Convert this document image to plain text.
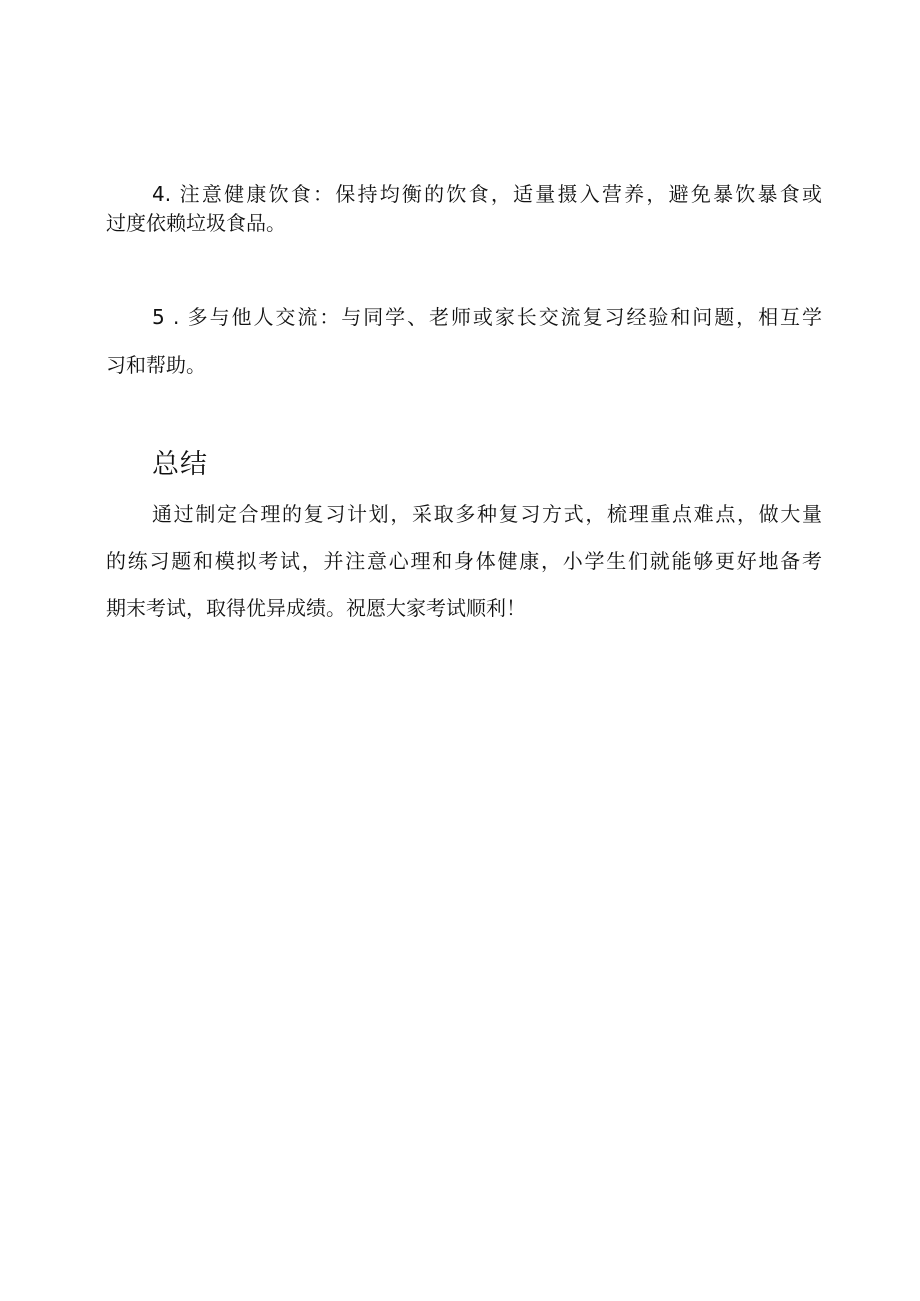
4. 注意健康饮食：保持均衡的饮食，适量摄入营养，避免暴饮暴食或
过度依赖垃圾食品。
5 . 多与他人交流：与同学、老师或家长交流复习经验和问题，相互学
习和帮助。
总结
通过制定合理的复习计划，采取多种复习方式，梳理重点难点，做大量
的练习题和模拟考试，并注意心理和身体健康，小学生们就能够更好地备考
期末考试，取得优异成绩。祝愿大家考试顺利！
